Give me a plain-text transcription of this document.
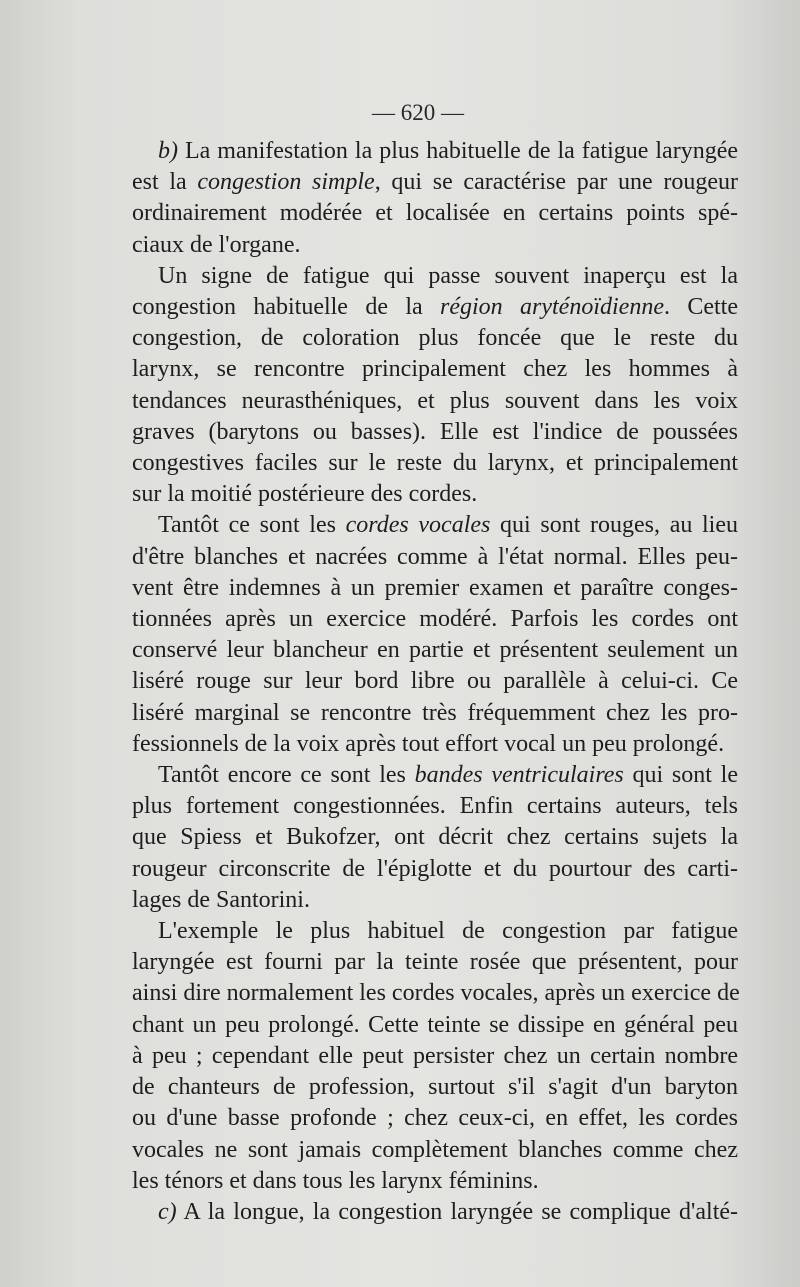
— 620 —

b) La manifestation la plus habituelle de la fatigue laryngée
est la congestion simple, qui se caractérise par une rougeur
ordinairement modérée et localisée en certains points spé-
ciaux de l'organe.

Un signe de fatigue qui passe souvent inaperçu est la
congestion habituelle de la région aryténoïdienne. Cette
congestion, de coloration plus foncée que le reste du
larynx, se rencontre principalement chez les hommes à
tendances neurasthéniques, et plus souvent dans les voix
graves (barytons ou basses). Elle est l'indice de poussées
congestives faciles sur le reste du larynx, et principalement
sur la moitié postérieure des cordes.

Tantôt ce sont les cordes vocales qui sont rouges, au lieu
d'être blanches et nacrées comme à l'état normal. Elles peu-
vent être indemnes à un premier examen et paraître conges-
tionnées après un exercice modéré. Parfois les cordes ont
conservé leur blancheur en partie et présentent seulement un
liséré rouge sur leur bord libre ou parallèle à celui-ci. Ce
liséré marginal se rencontre très fréquemment chez les pro-
fessionnels de la voix après tout effort vocal un peu prolongé.

Tantôt encore ce sont les bandes ventriculaires qui sont le
plus fortement congestionnées. Enfin certains auteurs, tels
que Spiess et Bukofzer, ont décrit chez certains sujets la
rougeur circonscrite de l'épiglotte et du pourtour des carti-
lages de Santorini.

L'exemple le plus habituel de congestion par fatigue
laryngée est fourni par la teinte rosée que présentent, pour
ainsi dire normalement les cordes vocales, après un exercice de
chant un peu prolongé. Cette teinte se dissipe en général peu
à peu ; cependant elle peut persister chez un certain nombre
de chanteurs de profession, surtout s'il s'agit d'un baryton
ou d'une basse profonde ; chez ceux-ci, en effet, les cordes
vocales ne sont jamais complètement blanches comme chez
les ténors et dans tous les larynx féminins.

c) A la longue, la congestion laryngée se complique d'alté-
